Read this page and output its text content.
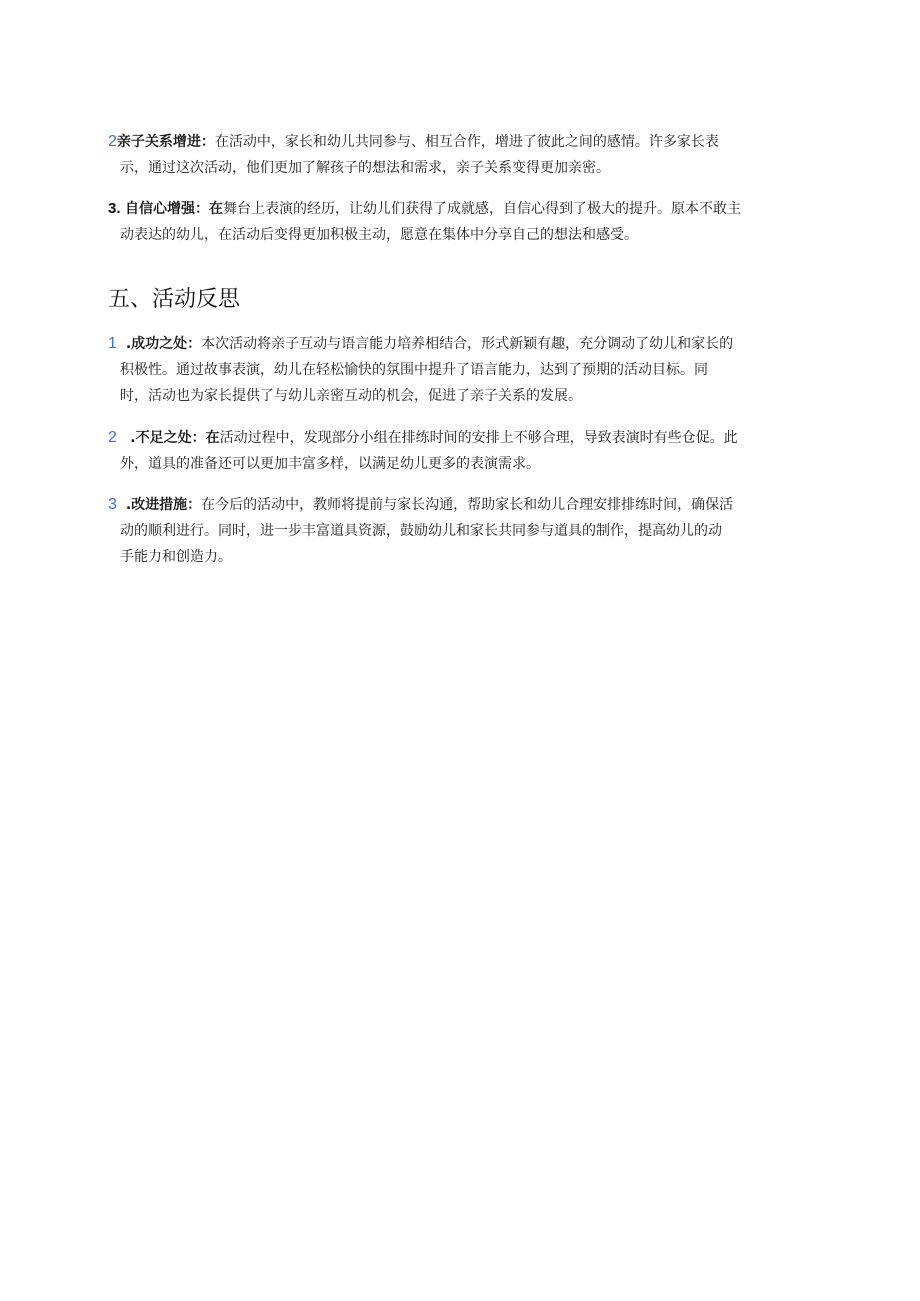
2亲子关系增进：在活动中，家长和幼儿共同参与、相互合作，增进了彼此之间的感情。许多家长表
示，通过这次活动，他们更加了解孩子的想法和需求，亲子关系变得更加亲密。
3. 自信心增强：在舞台上表演的经历，让幼儿们获得了成就感，自信心得到了极大的提升。原本不敢主
动表达的幼儿，在活动后变得更加积极主动，愿意在集体中分享自己的想法和感受。
五、活动反思
1 .成功之处：本次活动将亲子互动与语言能力培养相结合，形式新颖有趣，充分调动了幼儿和家长的
积极性。通过故事表演，幼儿在轻松愉快的氛围中提升了语言能力，达到了预期的活动目标。同
时，活动也为家长提供了与幼儿亲密互动的机会，促进了亲子关系的发展。
2 .不足之处：在活动过程中，发现部分小组在排练时间的安排上不够合理，导致表演时有些仓促。此
外，道具的准备还可以更加丰富多样，以满足幼儿更多的表演需求。
3 .改进措施：在今后的活动中，教师将提前与家长沟通，帮助家长和幼儿合理安排排练时间，确保活
动的顺利进行。同时，进一步丰富道具资源，鼓励幼儿和家长共同参与道具的制作，提高幼儿的动
手能力和创造力。
